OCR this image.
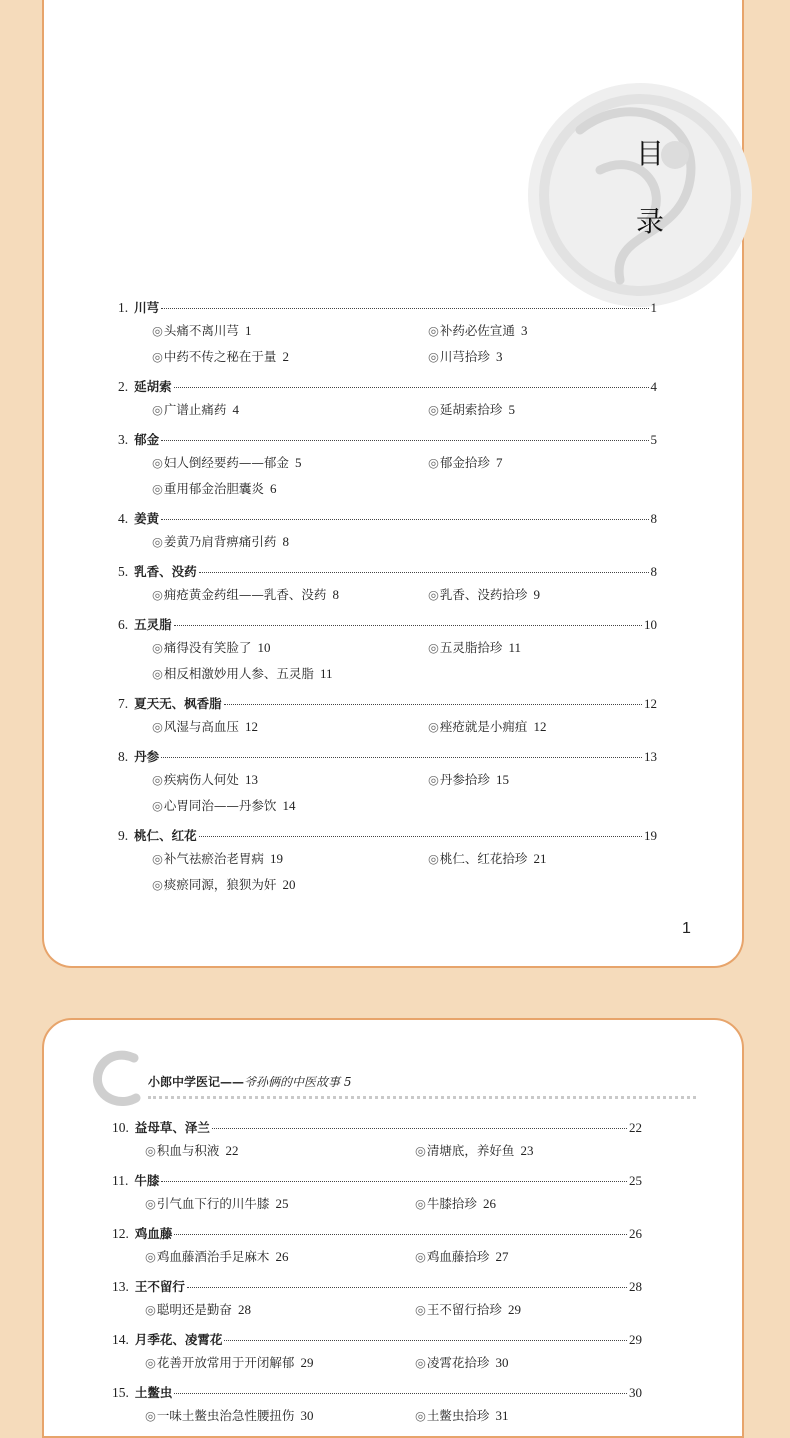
目
录
1. 川芎	1
◎ 头痛不离川芎 1	◎ 补药必佐宣通 3
◎ 中药不传之秘在于量 2	◎ 川芎拾珍 3
2. 延胡索	4
◎ 广谱止痛药 4	◎ 延胡索拾珍 5
3. 郁金	5
◎ 妇人倒经要药——郁金 5	◎ 郁金拾珍 7
◎ 重用郁金治胆囊炎 6
4. 姜黄	8
◎ 姜黄乃肩背痹痛引药 8
5. 乳香、没药	8
◎ 痈疮黄金药组——乳香、没药 8	◎ 乳香、没药拾珍 9
6. 五灵脂	10
◎ 痛得没有笑脸了 10	◎ 五灵脂拾珍 11
◎ 相反相激妙用人参、五灵脂 11
7. 夏天无、枫香脂	12
◎ 风湿与高血压 12	◎ 痤疮就是小痈疽 12
8. 丹参	13
◎ 疾病伤人何处 13	◎ 丹参拾珍 15
◎ 心胃同治——丹参饮 14
9. 桃仁、红花	19
◎ 补气祛瘀治老胃病 19	◎ 桃仁、红花拾珍 21
◎ 痰瘀同源，狼狈为奸 20
1
小郎中学医记——爷孙俩的中医故事 5
10. 益母草、泽兰	22
◎ 积血与积液 22	◎ 清塘底，养好鱼 23
11. 牛膝	25
◎ 引气血下行的川牛膝 25	◎ 牛膝拾珍 26
12. 鸡血藤	26
◎ 鸡血藤酒治手足麻木 26	◎ 鸡血藤拾珍 27
13. 王不留行	28
◎ 聪明还是勤奋 28	◎ 王不留行拾珍 29
14. 月季花、凌霄花	29
◎ 花善开放常用于开闭解郁 29	◎ 凌霄花拾珍 30
15. 土鳖虫	30
◎ 一味土鳖虫治急性腰扭伤 30	◎ 土鳖虫拾珍 31
